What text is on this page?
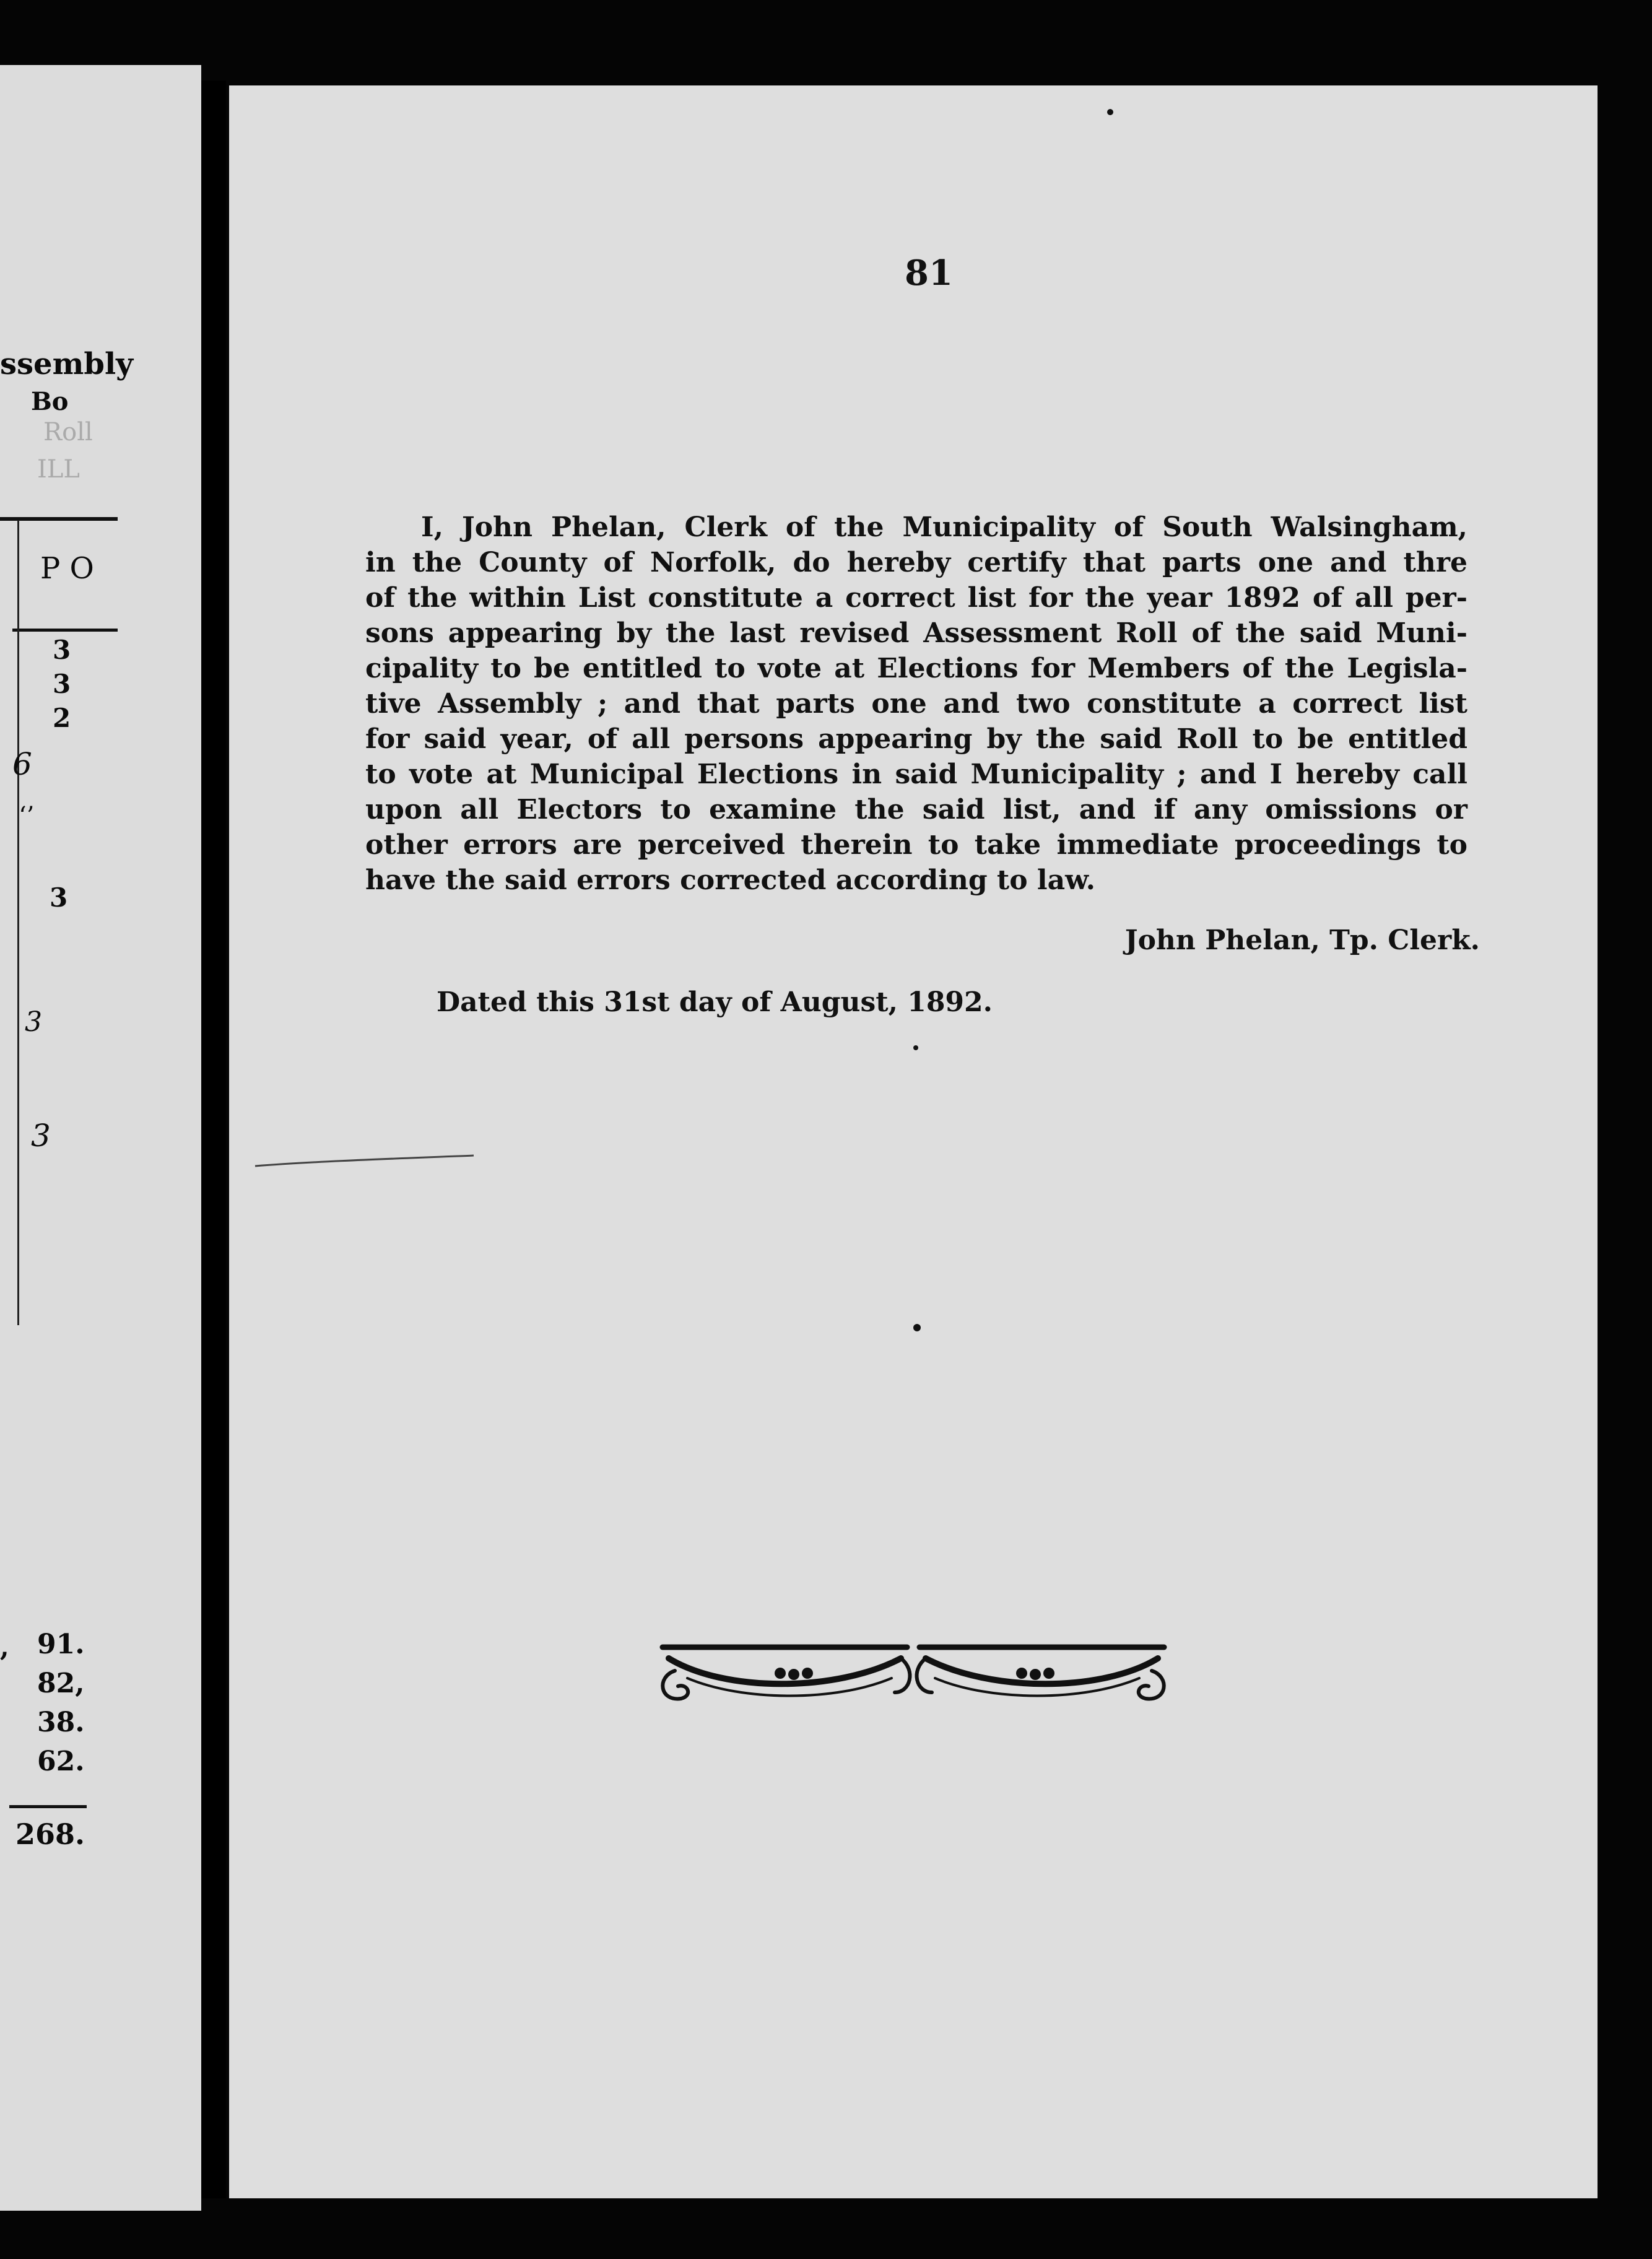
ssembly
Bo
Roll
ILL
P O
3
3
2
6
‘’
3
3
3
, 91.
82,
38.
62.
268.
81
I, John Phelan, Clerk of the Municipality of South Walsingham,
in the County of Norfolk, do hereby certify that parts one and thre
of the within List constitute a correct list for the year 1892 of all per-
sons appearing by the last revised Assessment Roll of the said Muni-
cipality to be entitled to vote at Elections for Members of the Legisla-
tive Assembly ; and that parts one and two constitute a correct list
for said year, of all persons appearing by the said Roll to be entitled
to vote at Municipal Elections in said Municipality ; and I hereby call
upon all Electors to examine the said list, and if any omissions or
other errors are perceived therein to take immediate proceedings to
have the said errors corrected according to law.
John Phelan, Tp. Clerk.
Dated this 31st day of August, 1892.
